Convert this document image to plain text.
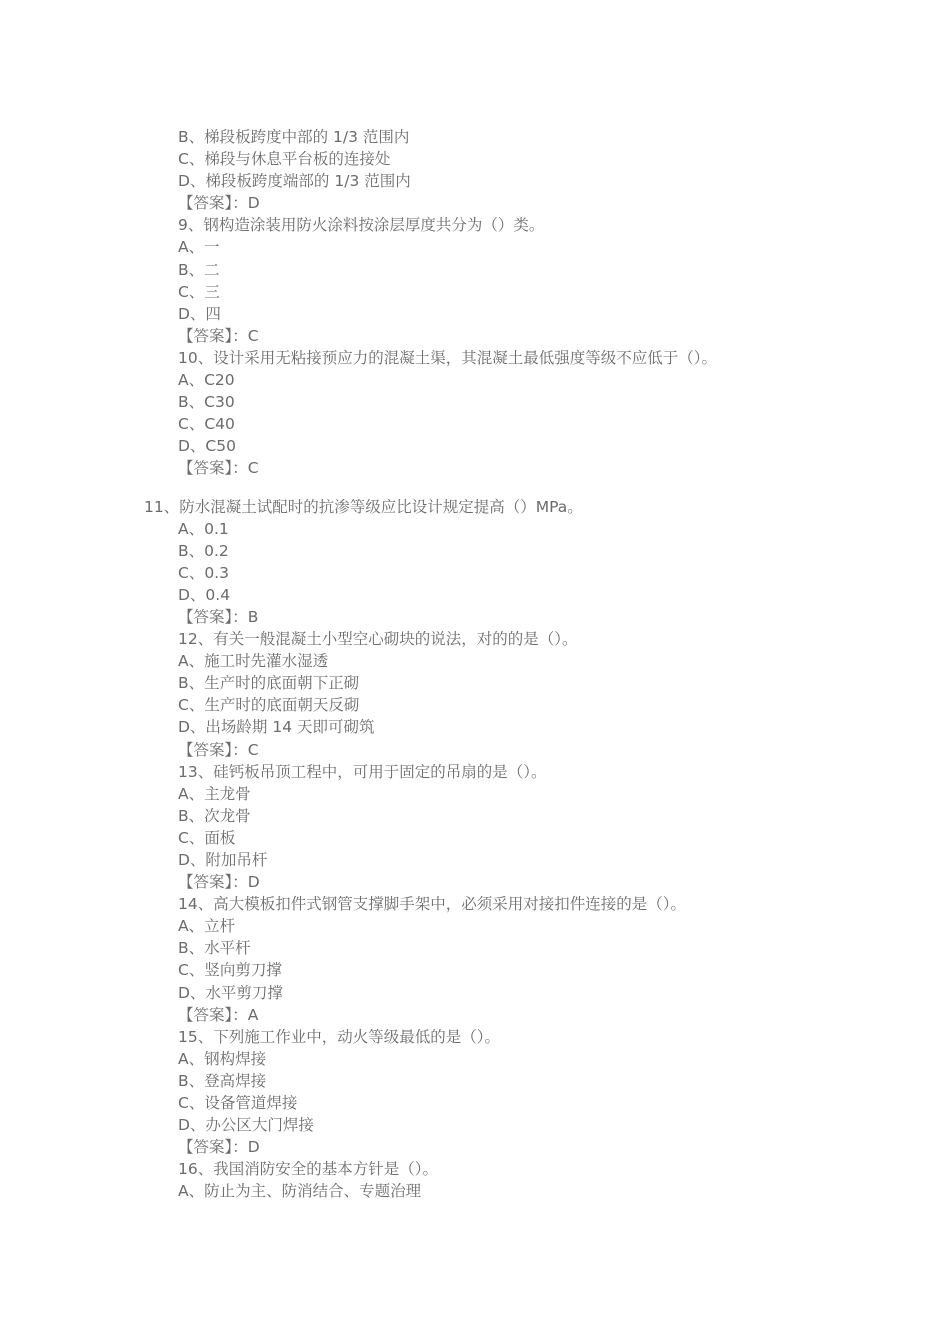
B、梯段板跨度中部的 1/3 范围内
C、梯段与休息平台板的连接处
D、梯段板跨度端部的 1/3 范围内
【答案】：D
9、钢构造涂装用防火涂料按涂层厚度共分为（）类。
A、一
B、二
C、三
D、四
【答案】：C
10、设计采用无粘接预应力的混凝土渠，其混凝土最低强度等级不应低于（）。
A、C20
B、C30
C、C40
D、C50
【答案】：C
11、防水混凝土试配时的抗渗等级应比设计规定提高（）MPa。
A、0.1
B、0.2
C、0.3
D、0.4
【答案】：B
12、有关一般混凝土小型空心砌块的说法，对的的是（）。
A、施工时先灌水湿透
B、生产时的底面朝下正砌
C、生产时的底面朝天反砌
D、出场龄期 14 天即可砌筑
【答案】：C
13、硅钙板吊顶工程中，可用于固定的吊扇的是（）。
A、主龙骨
B、次龙骨
C、面板
D、附加吊杆
【答案】：D
14、高大模板扣件式钢管支撑脚手架中，必须采用对接扣件连接的是（）。
A、立杆
B、水平杆
C、竖向剪刀撑
D、水平剪刀撑
【答案】：A
15、下列施工作业中，动火等级最低的是（）。
A、钢构焊接
B、登高焊接
C、设备管道焊接
D、办公区大门焊接
【答案】：D
16、我国消防安全的基本方针是（）。
A、防止为主、防消结合、专题治理
